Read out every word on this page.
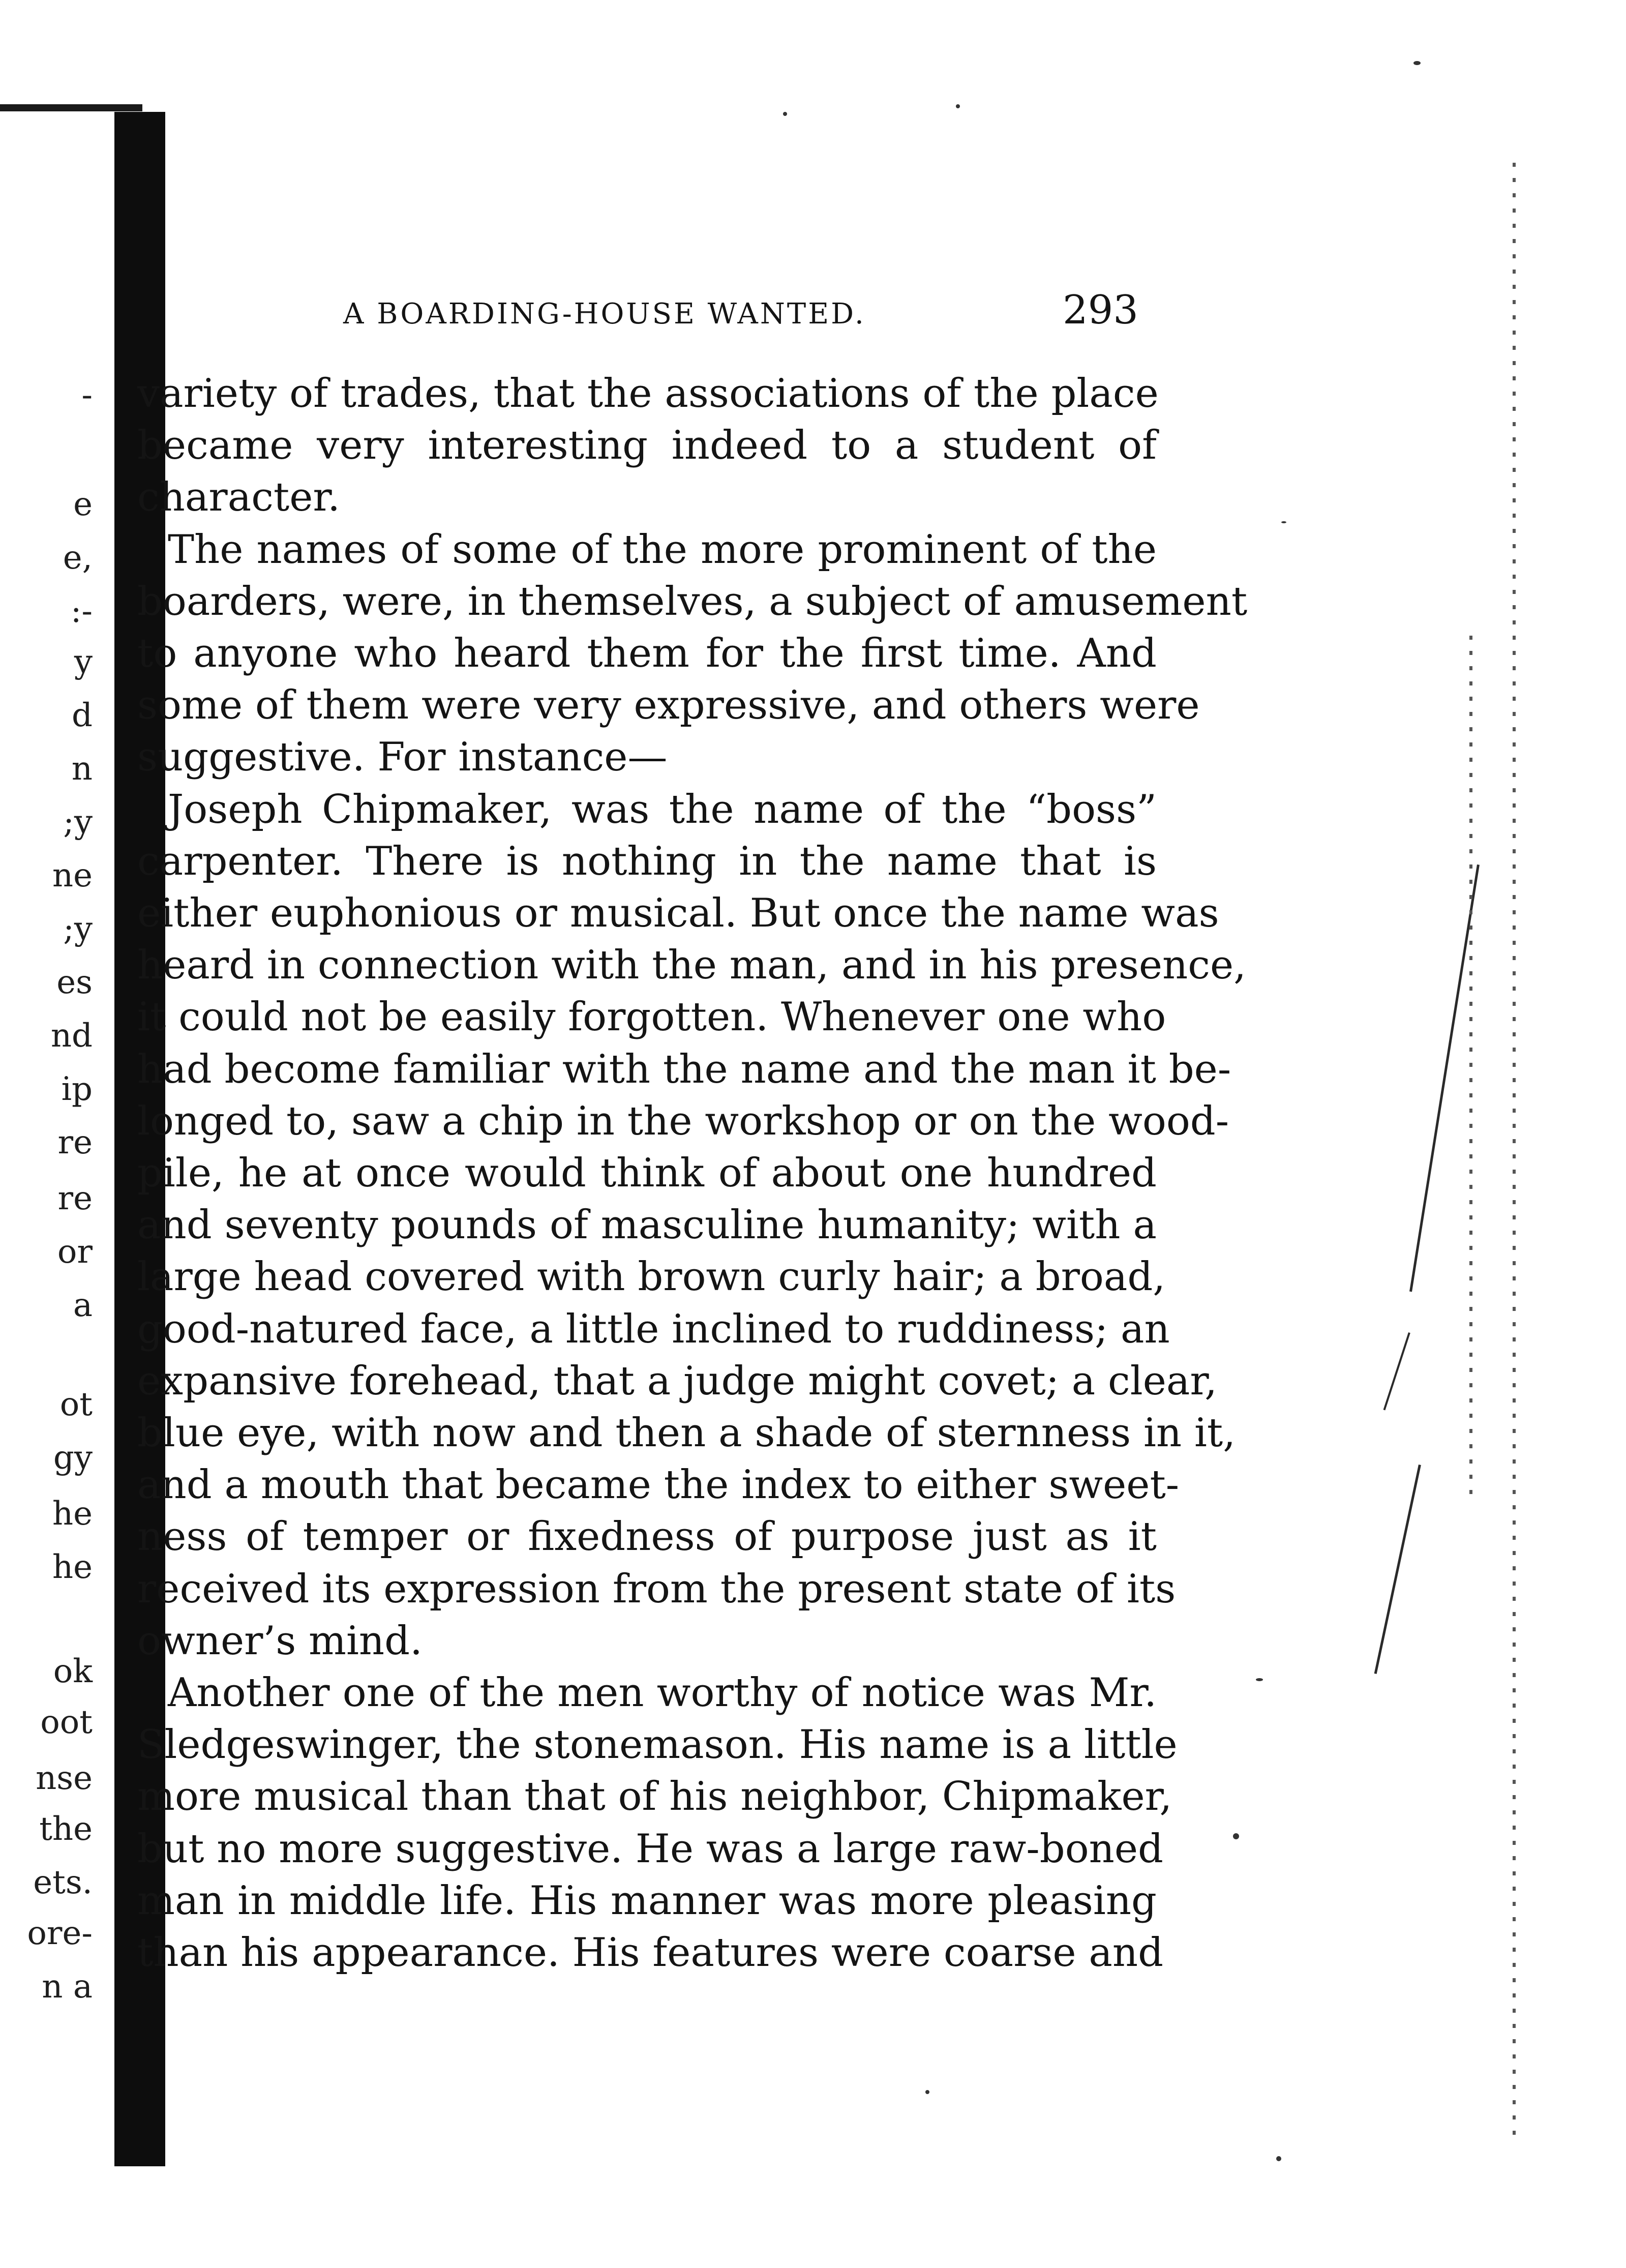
-
e
e,
:-
y
d
n
;y
ne
;y
es
nd
ip
re
re
or
a
ot
gy
he
he
ok
oot
nse
the
ets.
ore-
n a
A BOARDING-HOUSE WANTED.	293
variety of trades, that the associations of the place
became very interesting indeed to a student of
character.
The names of some of the more prominent of the
boarders, were, in themselves, a subject of amusement
to anyone who heard them for the first time. And
some of them were very expressive, and others were
suggestive. For instance—
Joseph Chipmaker, was the name of the “boss”
carpenter. There is nothing in the name that is
either euphonious or musical. But once the name was
heard in connection with the man, and in his presence,
it could not be easily forgotten. Whenever one who
had become familiar with the name and the man it be-
longed to, saw a chip in the workshop or on the wood-
pile, he at once would think of about one hundred
and seventy pounds of masculine humanity; with a
large head covered with brown curly hair; a broad,
good-natured face, a little inclined to ruddiness; an
expansive forehead, that a judge might covet; a clear,
blue eye, with now and then a shade of sternness in it,
and a mouth that became the index to either sweet-
ness of temper or fixedness of purpose just as it
received its expression from the present state of its
owner’s mind.
Another one of the men worthy of notice was Mr.
Sledgeswinger, the stonemason. His name is a little
more musical than that of his neighbor, Chipmaker,
but no more suggestive. He was a large raw-boned
man in middle life. His manner was more pleasing
than his appearance. His features were coarse and
